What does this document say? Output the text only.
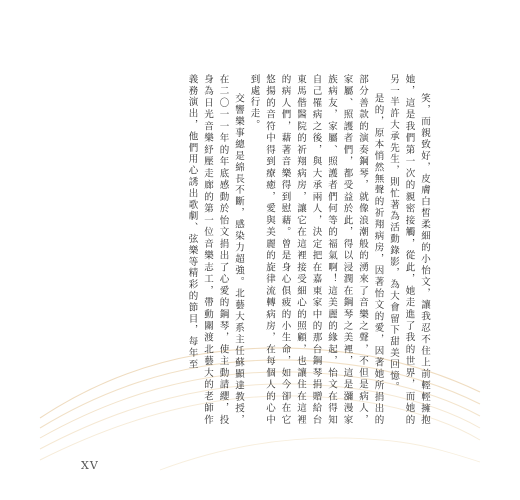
笑，而親致好，皮膚白皙柔細的小怡文，讓我忍不住上前輕輕擁抱她，這是我們第一次的親密接觸，從此，她走進了我的世界，而她的另一半許大承先生，則忙著為活動錄影，為大會留下甜美回憶。
是的，原本悄然無聲的祈翔病房，因著怡文的愛，因著她所捐出的部分善款的演奏鋼琴，就像浪潮般的湧來了音樂之聲，不但是病人，家屬、照護者們，都受益於此，得以浸潤在鋼琴之美裡，這是瀰漫家族病友，家屬、照護者們何等的福氣啊！這美麗的緣起，怡文在得知自己罹病之後，與大承兩人，決定把在嘉東家中的那台鋼琴捐贈給台東馬偕醫院的祈翔病房，讓它在這裡接受細心的照顧，也讓住在這裡的病人們，藉著音樂得到慰藉。曾是身心俱疲的小生命，如今卻在它悠揚的音符中得到療癒，愛與美麗的旋律流轉病房，在每個人的心中到處行走。
交響樂事總是綿長不斷，感染力超強。北藝大系主任蘇顯達教授，在二〇一一年的年底感動於怡文捐出了心愛的鋼琴，使主動請纓，投身為日光音樂紓壓走廊的第一位音樂志工，帶動關渡北藝大的老師作義務演出，他們用心誘出歌劇、弦樂等精彩的節目，每年至
XV
